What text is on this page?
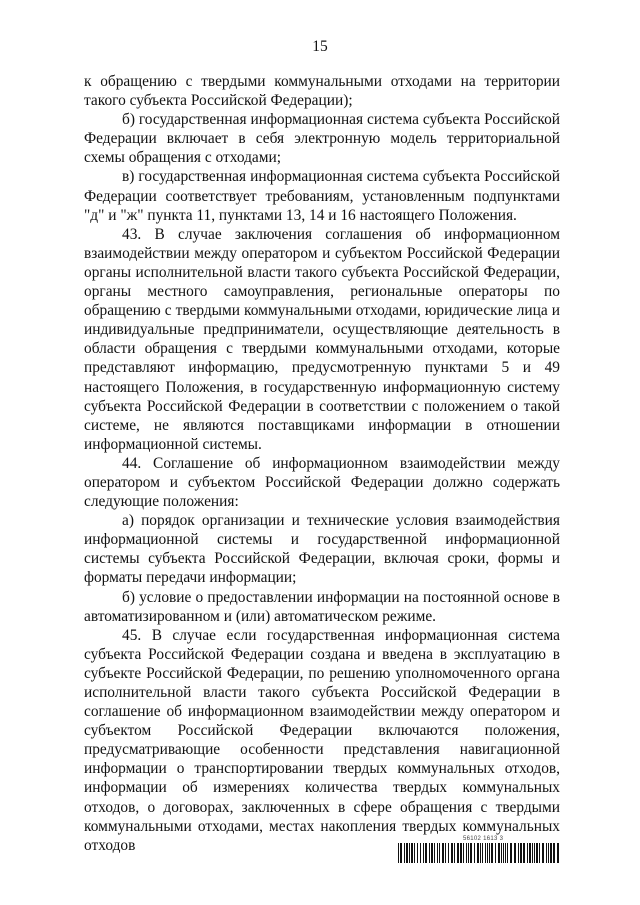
15

к обращению с твердыми коммунальными отходами на территории такого субъекта Российской Федерации);

б) государственная информационная система субъекта Российской Федерации включает в себя электронную модель территориальной схемы обращения с отходами;

в) государственная информационная система субъекта Российской Федерации соответствует требованиям, установленным подпунктами "д" и "ж" пункта 11, пунктами 13, 14 и 16 настоящего Положения.

43. В случае заключения соглашения об информационном взаимодействии между оператором и субъектом Российской Федерации органы исполнительной власти такого субъекта Российской Федерации, органы местного самоуправления, региональные операторы по обращению с твердыми коммунальными отходами, юридические лица и индивидуальные предприниматели, осуществляющие деятельность в области обращения с твердыми коммунальными отходами, которые представляют информацию, предусмотренную пунктами 5 и 49 настоящего Положения, в государственную информационную систему субъекта Российской Федерации в соответствии с положением о такой системе, не являются поставщиками информации в отношении информационной системы.

44. Соглашение об информационном взаимодействии между оператором и субъектом Российской Федерации должно содержать следующие положения:

а) порядок организации и технические условия взаимодействия информационной системы и государственной информационной системы субъекта Российской Федерации, включая сроки, формы и форматы передачи информации;

б) условие о предоставлении информации на постоянной основе в автоматизированном и (или) автоматическом режиме.

45. В случае если государственная информационная система субъекта Российской Федерации создана и введена в эксплуатацию в субъекте Российской Федерации, по решению уполномоченного органа исполнительной власти такого субъекта Российской Федерации в соглашение об информационном взаимодействии между оператором и субъектом Российской Федерации включаются положения, предусматривающие особенности представления навигационной информации о транспортировании твердых коммунальных отходов, информации об измерениях количества твердых коммунальных отходов, о договорах, заключенных в сфере обращения с твердыми коммунальными отходами, местах накопления твердых коммунальных отходов	56102 1613 3
